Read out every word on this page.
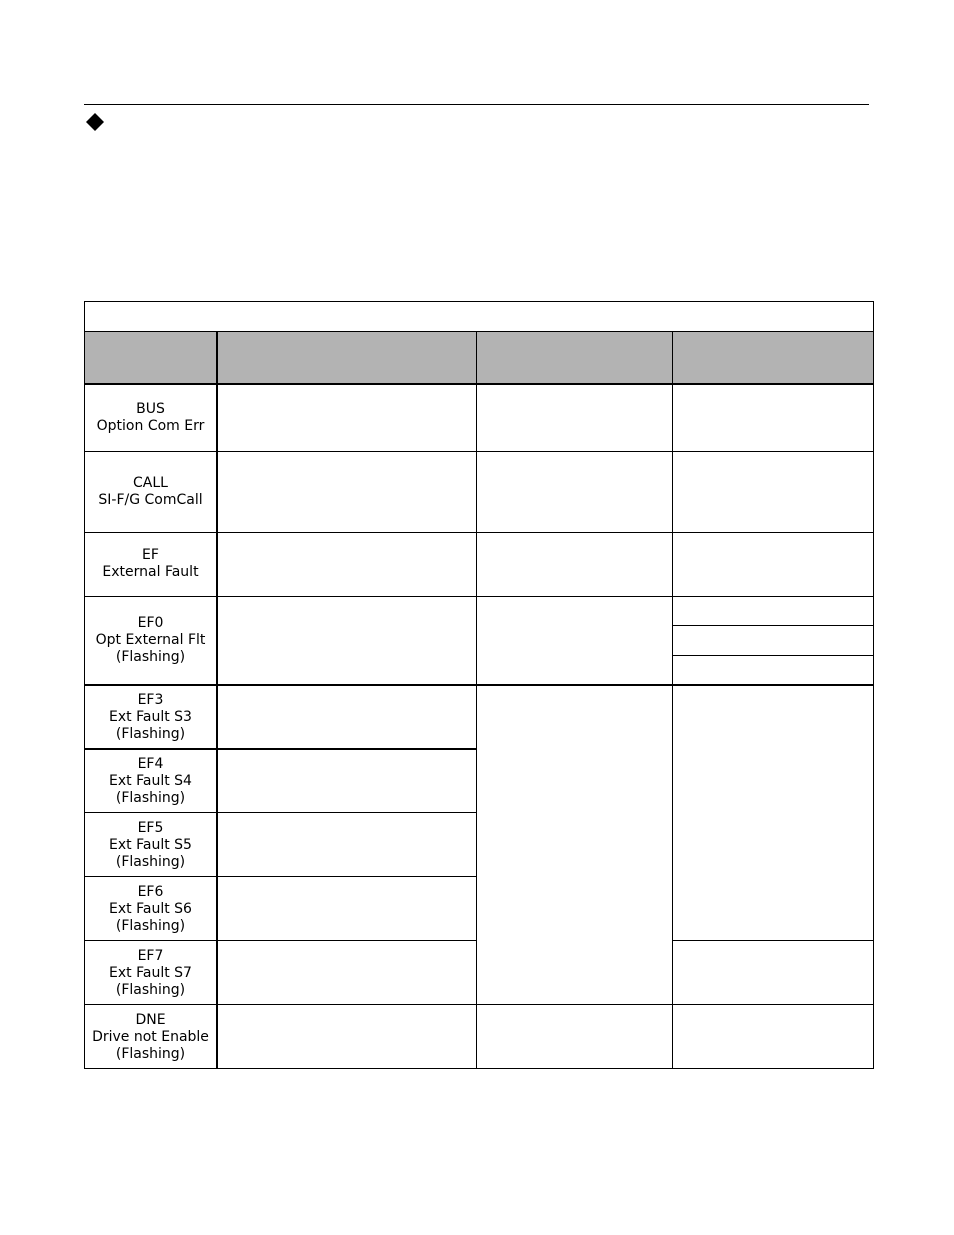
BUS
Option Com Err
CALL
SI-F/G ComCall
EF
External Fault
EF0
Opt External Flt
(Flashing)
EF3
Ext Fault S3
(Flashing)
EF4
Ext Fault S4
(Flashing)
EF5
Ext Fault S5
(Flashing)
EF6
Ext Fault S6
(Flashing)
EF7
Ext Fault S7
(Flashing)
DNE
Drive not Enable
(Flashing)
